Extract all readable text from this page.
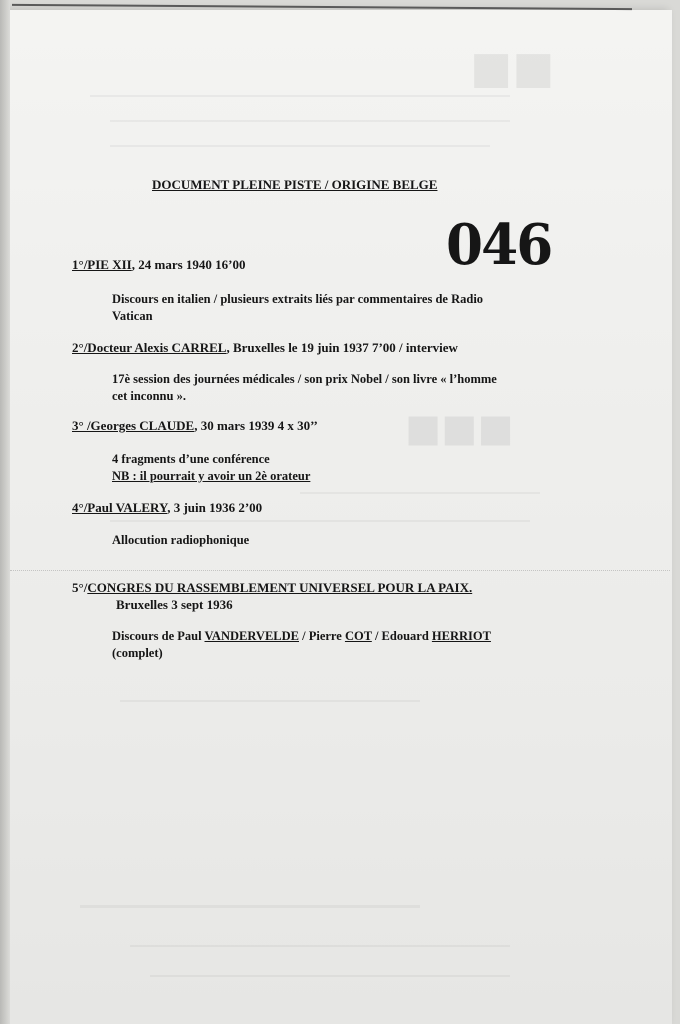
■■
■■■
DOCUMENT PLEINE PISTE / ORIGINE BELGE
046
1°/PIE XII, 24 mars 1940 16’00
Discours en italien / plusieurs extraits liés par commentaires de Radio
Vatican
2°/Docteur Alexis CARREL, Bruxelles le 19 juin 1937 7’00 / interview
17è session des journées médicales / son prix Nobel / son livre « l’homme
cet inconnu ».
3° /Georges CLAUDE, 30 mars 1939 4 x 30’’
4 fragments d’une conférence
NB : il pourrait y avoir un 2è orateur
4°/Paul VALERY, 3 juin 1936 2’00
Allocution radiophonique
5°/CONGRES DU RASSEMBLEMENT UNIVERSEL POUR LA PAIX.
Bruxelles 3 sept 1936
Discours de Paul VANDERVELDE / Pierre COT / Edouard HERRIOT
(complet)
